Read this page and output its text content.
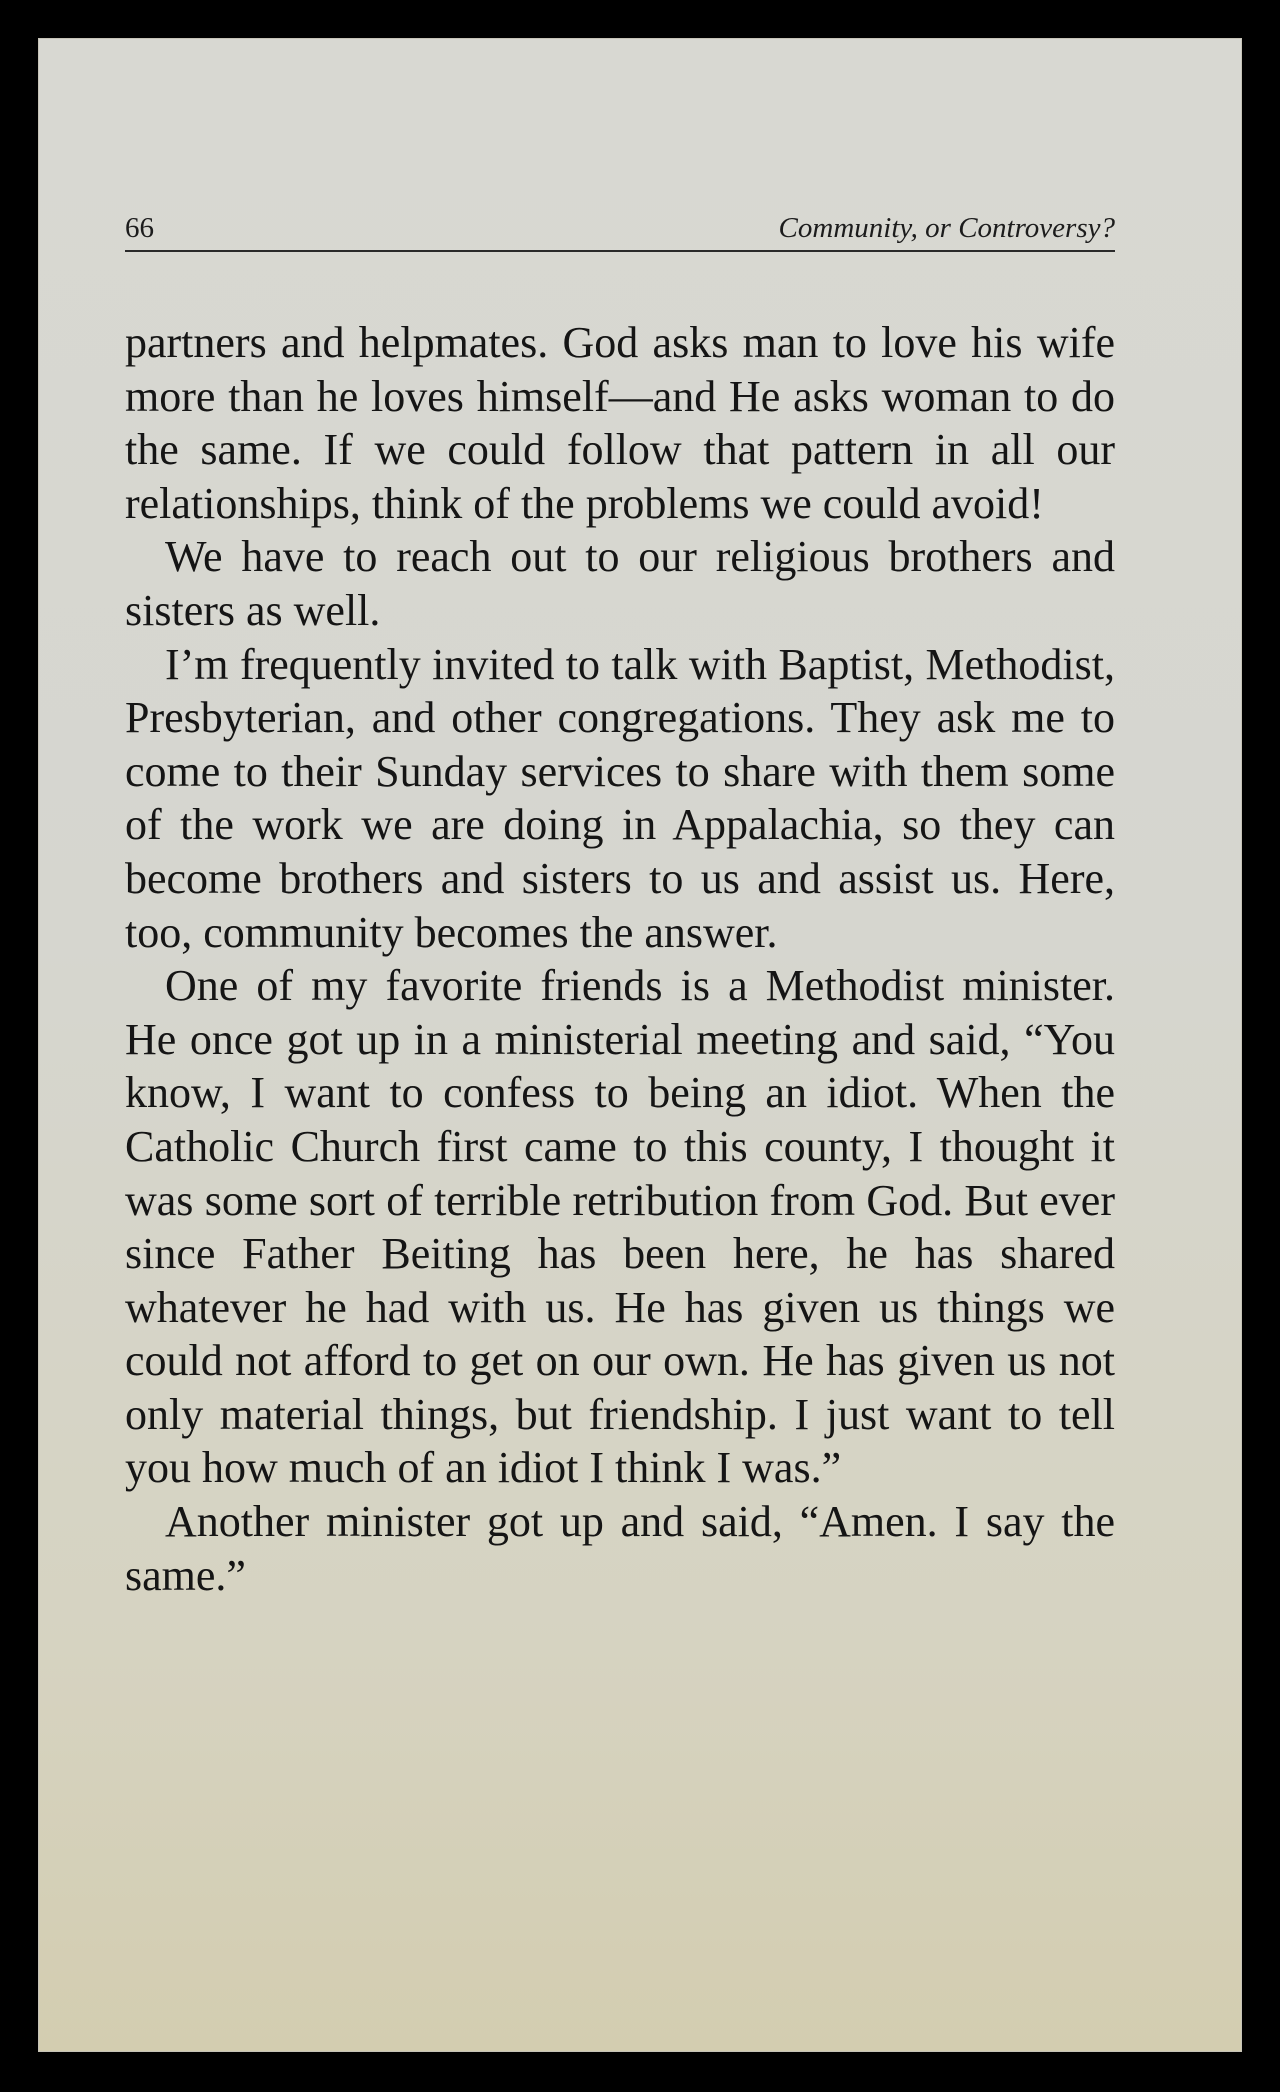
66	Community, or Controversy?

partners and helpmates. God asks man to love his wife more than he loves himself—and He asks woman to do the same. If we could follow that pattern in all our relationships, think of the problems we could avoid!

We have to reach out to our religious brothers and sisters as well.

I’m frequently invited to talk with Baptist, Methodist, Presbyterian, and other congregations. They ask me to come to their Sunday services to share with them some of the work we are doing in Appalachia, so they can become brothers and sisters to us and assist us. Here, too, community becomes the answer.

One of my favorite friends is a Methodist minister. He once got up in a ministerial meeting and said, “You know, I want to confess to being an idiot. When the Catholic Church first came to this county, I thought it was some sort of terrible retribution from God. But ever since Father Beiting has been here, he has shared whatever he had with us. He has given us things we could not afford to get on our own. He has given us not only material things, but friendship. I just want to tell you how much of an idiot I think I was.”

Another minister got up and said, “Amen. I say the same.”
